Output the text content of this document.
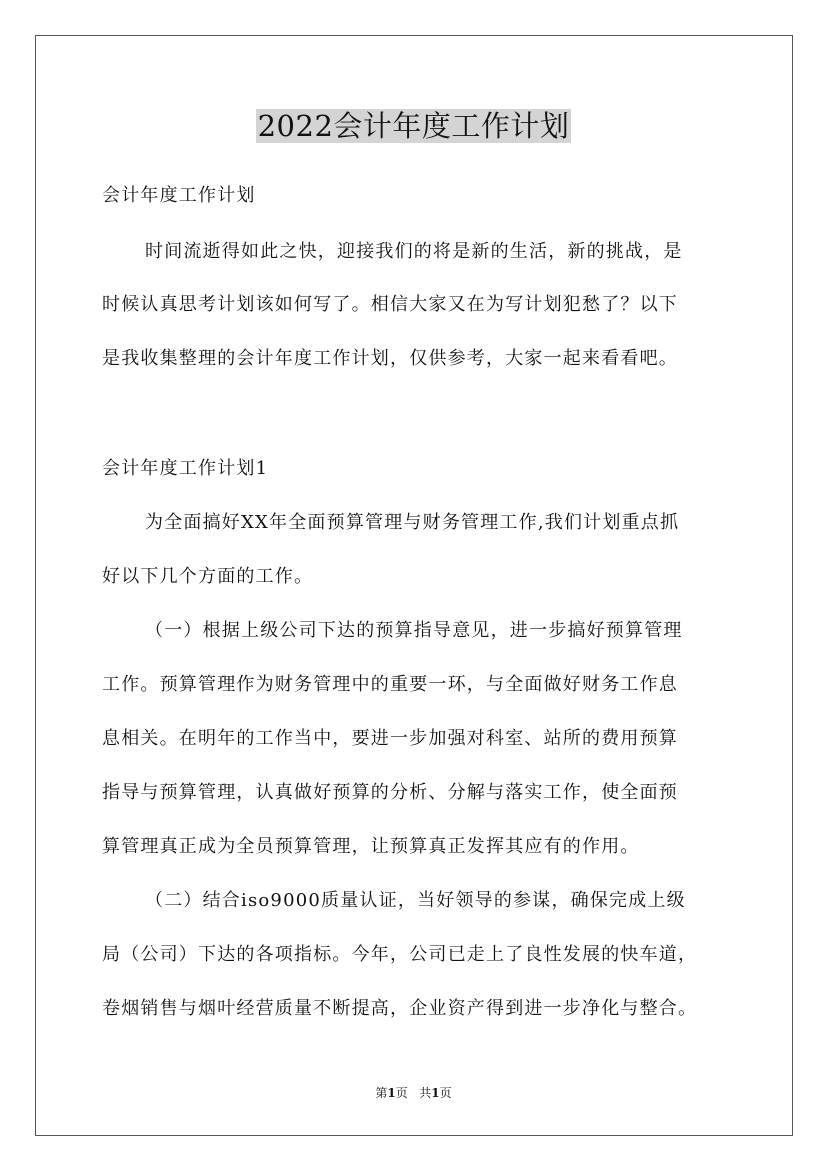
2022会计年度工作计划
会计年度工作计划
时间流逝得如此之快，迎接我们的将是新的生活，新的挑战，是
时候认真思考计划该如何写了。相信大家又在为写计划犯愁了？以下
是我收集整理的会计年度工作计划，仅供参考，大家一起来看看吧。
会计年度工作计划1
为全面搞好XX年全面预算管理与财务管理工作,我们计划重点抓
好以下几个方面的工作。
（一）根据上级公司下达的预算指导意见，进一步搞好预算管理
工作。预算管理作为财务管理中的重要一环，与全面做好财务工作息
息相关。在明年的工作当中，要进一步加强对科室、站所的费用预算
指导与预算管理，认真做好预算的分析、分解与落实工作，使全面预
算管理真正成为全员预算管理，让预算真正发挥其应有的作用。
（二）结合iso9000质量认证，当好领导的参谋，确保完成上级
局（公司）下达的各项指标。今年，公司已走上了良性发展的快车道，
卷烟销售与烟叶经营质量不断提高，企业资产得到进一步净化与整合。
第1页 共1页
